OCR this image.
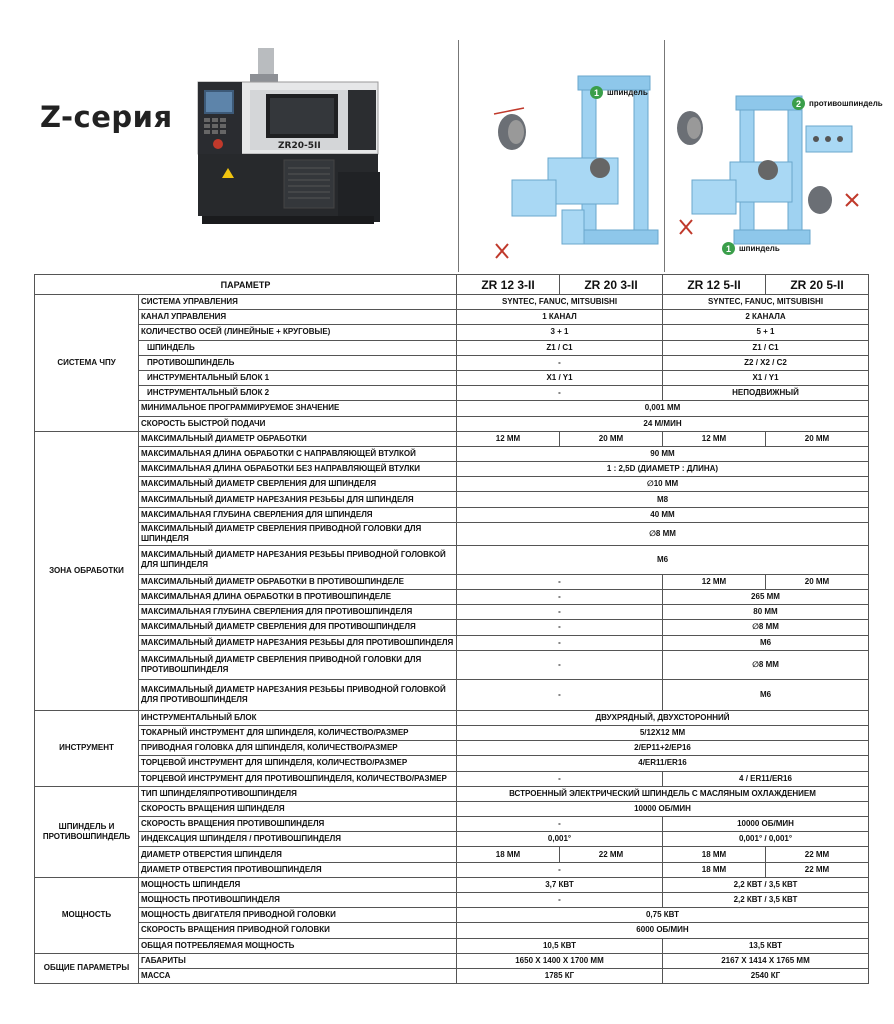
Z-серия
ZR20-5II
1	шпиндель
2	противошпиндель
1	шпиндель
ПАРАМЕТР		ZR 12 3-II	ZR 20 3-II	ZR 12 5-II	ZR 20 5-II
СИСТЕМА ЧПУ	СИСТЕМА УПРАВЛЕНИЯ	SYNTEC, FANUC, MITSUBISHI		SYNTEC, FANUC, MITSUBISHI	
	КАНАЛ УПРАВЛЕНИЯ	1 КАНАЛ		2 КАНАЛА	
	КОЛИЧЕСТВО ОСЕЙ (ЛИНЕЙНЫЕ + КРУГОВЫЕ)	3 + 1		5 + 1	
	ШПИНДЕЛЬ	Z1 / C1		Z1 / C1	
	ПРОТИВОШПИНДЕЛЬ	-		Z2 / X2 / C2	
	ИНСТРУМЕНТАЛЬНЫЙ БЛОК 1	X1 / Y1		X1 / Y1	
	ИНСТРУМЕНТАЛЬНЫЙ БЛОК 2	-		НЕПОДВИЖНЫЙ	
	МИНИМАЛЬНОЕ ПРОГРАММИРУЕМОЕ ЗНАЧЕНИЕ	0,001 ММ			
	СКОРОСТЬ БЫСТРОЙ ПОДАЧИ	24 М/МИН			
ЗОНА ОБРАБОТКИ	МАКСИМАЛЬНЫЙ ДИАМЕТР ОБРАБОТКИ	12 ММ	20 ММ	12 ММ	20 ММ
	МАКСИМАЛЬНАЯ ДЛИНА ОБРАБОТКИ С НАПРАВЛЯЮЩЕЙ ВТУЛКОЙ	90 ММ			
	МАКСИМАЛЬНАЯ ДЛИНА ОБРАБОТКИ БЕЗ НАПРАВЛЯЮЩЕЙ ВТУЛКИ	1 : 2,5D (ДИАМЕТР : ДЛИНА)			
	МАКСИМАЛЬНЫЙ ДИАМЕТР СВЕРЛЕНИЯ ДЛЯ ШПИНДЕЛЯ	∅10 ММ			
	МАКСИМАЛЬНЫЙ ДИАМЕТР НАРЕЗАНИЯ РЕЗЬБЫ ДЛЯ ШПИНДЕЛЯ	М8			
	МАКСИМАЛЬНАЯ ГЛУБИНА СВЕРЛЕНИЯ ДЛЯ ШПИНДЕЛЯ	40 ММ			
	МАКСИМАЛЬНЫЙ ДИАМЕТР СВЕРЛЕНИЯ ПРИВОДНОЙ ГОЛОВКИ ДЛЯ ШПИНДЕЛЯ	∅8 ММ			
	МАКСИМАЛЬНЫЙ ДИАМЕТР НАРЕЗАНИЯ РЕЗЬБЫ ПРИВОДНОЙ ГОЛОВКОЙ ДЛЯ ШПИНДЕЛЯ	М6			
	МАКСИМАЛЬНЫЙ ДИАМЕТР ОБРАБОТКИ В ПРОТИВОШПИНДЕЛЕ	-		12 ММ	20 ММ
	МАКСИМАЛЬНАЯ ДЛИНА ОБРАБОТКИ В ПРОТИВОШПИНДЕЛЕ	-		265 ММ	
	МАКСИМАЛЬНАЯ ГЛУБИНА СВЕРЛЕНИЯ ДЛЯ ПРОТИВОШПИНДЕЛЯ	-		80 ММ	
	МАКСИМАЛЬНЫЙ ДИАМЕТР СВЕРЛЕНИЯ ДЛЯ ПРОТИВОШПИНДЕЛЯ	-		∅8 ММ	
	МАКСИМАЛЬНЫЙ ДИАМЕТР НАРЕЗАНИЯ РЕЗЬБЫ ДЛЯ ПРОТИВОШПИНДЕЛЯ	-		М6	
	МАКСИМАЛЬНЫЙ ДИАМЕТР СВЕРЛЕНИЯ ПРИВОДНОЙ ГОЛОВКИ ДЛЯ ПРОТИВОШПИНДЕЛЯ	-		∅8 ММ	
	МАКСИМАЛЬНЫЙ ДИАМЕТР НАРЕЗАНИЯ РЕЗЬБЫ ПРИВОДНОЙ ГОЛОВКОЙ ДЛЯ ПРОТИВОШПИНДЕЛЯ	-		М6	
ИНСТРУМЕНТ	ИНСТРУМЕНТАЛЬНЫЙ БЛОК	ДВУХРЯДНЫЙ, ДВУХСТОРОННИЙ			
	ТОКАРНЫЙ ИНСТРУМЕНТ ДЛЯ ШПИНДЕЛЯ, КОЛИЧЕСТВО/РАЗМЕР	5/12X12 ММ			
	ПРИВОДНАЯ ГОЛОВКА ДЛЯ ШПИНДЕЛЯ, КОЛИЧЕСТВО/РАЗМЕР	2/ЕР11+2/ЕР16			
	ТОРЦЕВОЙ ИНСТРУМЕНТ ДЛЯ ШПИНДЕЛЯ, КОЛИЧЕСТВО/РАЗМЕР	4/ER11/ER16			
	ТОРЦЕВОЙ ИНСТРУМЕНТ ДЛЯ ПРОТИВОШПИНДЕЛЯ, КОЛИЧЕСТВО/РАЗМЕР	-		4 / ER11/ER16	
ШПИНДЕЛЬ И ПРОТИВОШПИНДЕЛЬ	ТИП ШПИНДЕЛЯ/ПРОТИВОШПИНДЕЛЯ	ВСТРОЕННЫЙ ЭЛЕКТРИЧЕСКИЙ ШПИНДЕЛЬ С МАСЛЯНЫМ ОХЛАЖДЕНИЕМ			
	СКОРОСТЬ ВРАЩЕНИЯ ШПИНДЕЛЯ	10000 ОБ/МИН			
	СКОРОСТЬ ВРАЩЕНИЯ ПРОТИВОШПИНДЕЛЯ	-		10000 ОБ/МИН	
	ИНДЕКСАЦИЯ ШПИНДЕЛЯ / ПРОТИВОШПИНДЕЛЯ	0,001°		0,001° / 0,001°	
	ДИАМЕТР ОТВЕРСТИЯ ШПИНДЕЛЯ	18 ММ	22 ММ	18 ММ	22 ММ
	ДИАМЕТР ОТВЕРСТИЯ ПРОТИВОШПИНДЕЛЯ	-		18 ММ	22 ММ
МОЩНОСТЬ	МОЩНОСТЬ ШПИНДЕЛЯ	3,7 КВТ		2,2 КВТ / 3,5 КВТ	
	МОЩНОСТЬ ПРОТИВОШПИНДЕЛЯ	-		2,2 КВТ / 3,5 КВТ	
	МОЩНОСТЬ ДВИГАТЕЛЯ ПРИВОДНОЙ ГОЛОВКИ	0,75 КВТ			
	СКОРОСТЬ ВРАЩЕНИЯ ПРИВОДНОЙ ГОЛОВКИ	6000 ОБ/МИН			
	ОБЩАЯ ПОТРЕБЛЯЕМАЯ МОЩНОСТЬ	10,5 КВТ		13,5 КВТ	
ОБЩИЕ ПАРАМЕТРЫ	ГАБАРИТЫ	1650 X 1400 X 1700 ММ		2167 X 1414 X 1765 ММ	
	МАССА	1785 КГ		2540 КГ	
